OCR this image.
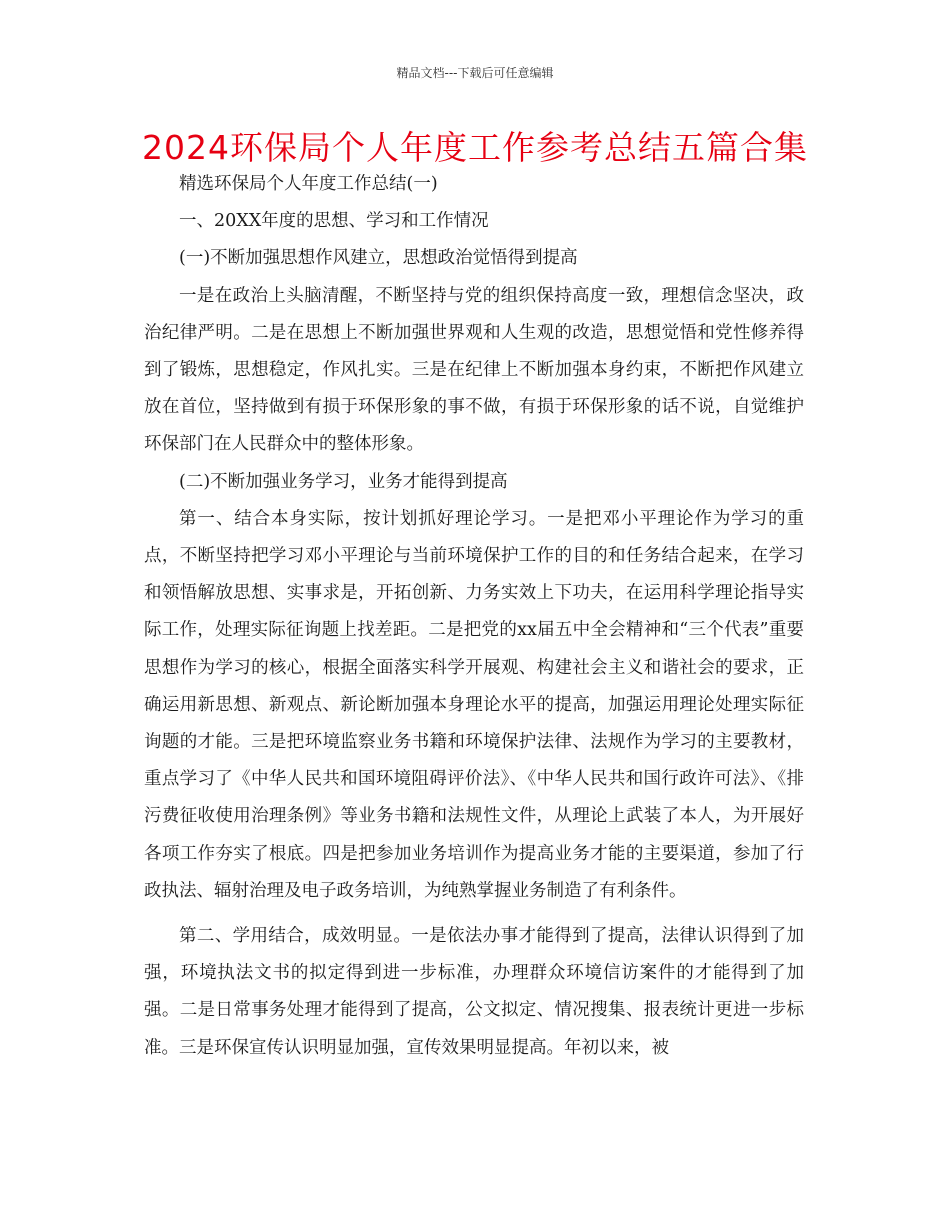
精品文档---下载后可任意编辑
2024环保局个人年度工作参考总结五篇合集

精选环保局个人年度工作总结(一)

一、20XX年度的思想、学习和工作情况

(一)不断加强思想作风建立，思想政治觉悟得到提高

一是在政治上头脑清醒，不断坚持与党的组织保持高度一致，理想信念坚决，政治纪律严明。二是在思想上不断加强世界观和人生观的改造，思想觉悟和党性修养得到了锻炼，思想稳定，作风扎实。三是在纪律上不断加强本身约束，不断把作风建立放在首位，坚持做到有损于环保形象的事不做，有损于环保形象的话不说，自觉维护环保部门在人民群众中的整体形象。

(二)不断加强业务学习，业务才能得到提高

第一、结合本身实际，按计划抓好理论学习。一是把邓小平理论作为学习的重点，不断坚持把学习邓小平理论与当前环境保护工作的目的和任务结合起来，在学习和领悟解放思想、实事求是，开拓创新、力务实效上下功夫，在运用科学理论指导实际工作，处理实际征询题上找差距。二是把党的xx届五中全会精神和“三个代表”重要思想作为学习的核心，根据全面落实科学开展观、构建社会主义和谐社会的要求，正确运用新思想、新观点、新论断加强本身理论水平的提高，加强运用理论处理实际征询题的才能。三是把环境监察业务书籍和环境保护法律、法规作为学习的主要教材，重点学习了《中华人民共和国环境阻碍评价法》、《中华人民共和国行政许可法》、《排污费征收使用治理条例》等业务书籍和法规性文件，从理论上武装了本人，为开展好各项工作夯实了根底。四是把参加业务培训作为提高业务才能的主要渠道，参加了行政执法、辐射治理及电子政务培训，为纯熟掌握业务制造了有利条件。

第二、学用结合，成效明显。一是依法办事才能得到了提高，法律认识得到了加强，环境执法文书的拟定得到进一步标准，办理群众环境信访案件的才能得到了加强。二是日常事务处理才能得到了提高，公文拟定、情况搜集、报表统计更进一步标准。三是环保宣传认识明显加强，宣传效果明显提高。年初以来，被
